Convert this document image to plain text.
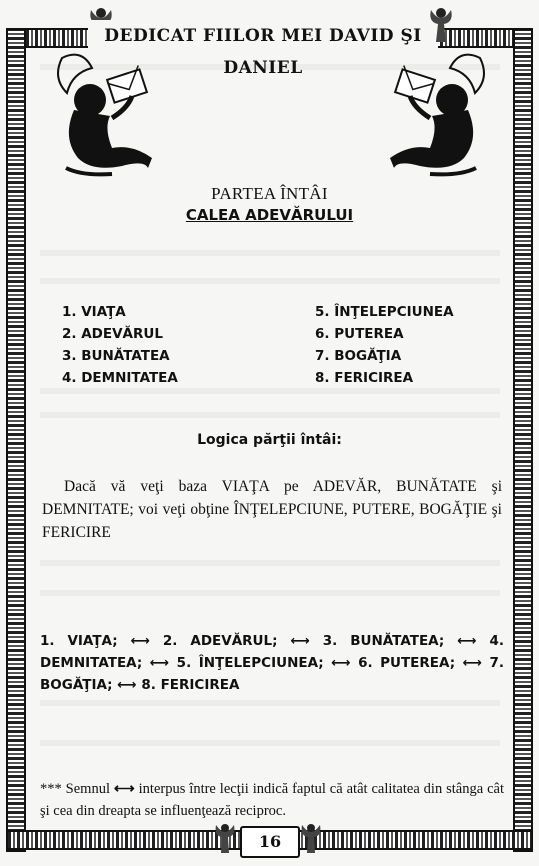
DEDICAT FIILOR MEI DAVID ŞI DANIEL
PARTEA ÎNTÂI
CALEA ADEVĂRULUI
1. VIAŢA
2. ADEVĂRUL
3. BUNĂTATEA
4. DEMNITATEA
5. ÎNŢELEPCIUNEA
6. PUTEREA
7. BOGĂŢIA
8. FERICIREA
Logica părţii întâi:
Dacă vă veţi baza VIAŢA pe ADEVĂR, BUNĂTATE şi DEMNITATE; voi veţi obţine ÎNŢELEPCIUNE, PUTERE, BOGĂŢIE şi FERICIRE
1. VIAŢA; ⟷ 2. ADEVĂRUL; ⟷ 3. BUNĂTATEA; ⟷ 4. DEMNITATEA; ⟷ 5. ÎNŢELEPCIUNEA; ⟷ 6. PUTEREA; ⟷ 7. BOGĂŢIA; ⟷ 8. FERICIREA
*** Semnul ⟷ interpus între lecţii indică faptul că atât calitatea din stânga cât şi cea din dreapta se influenţează reciproc.
16
